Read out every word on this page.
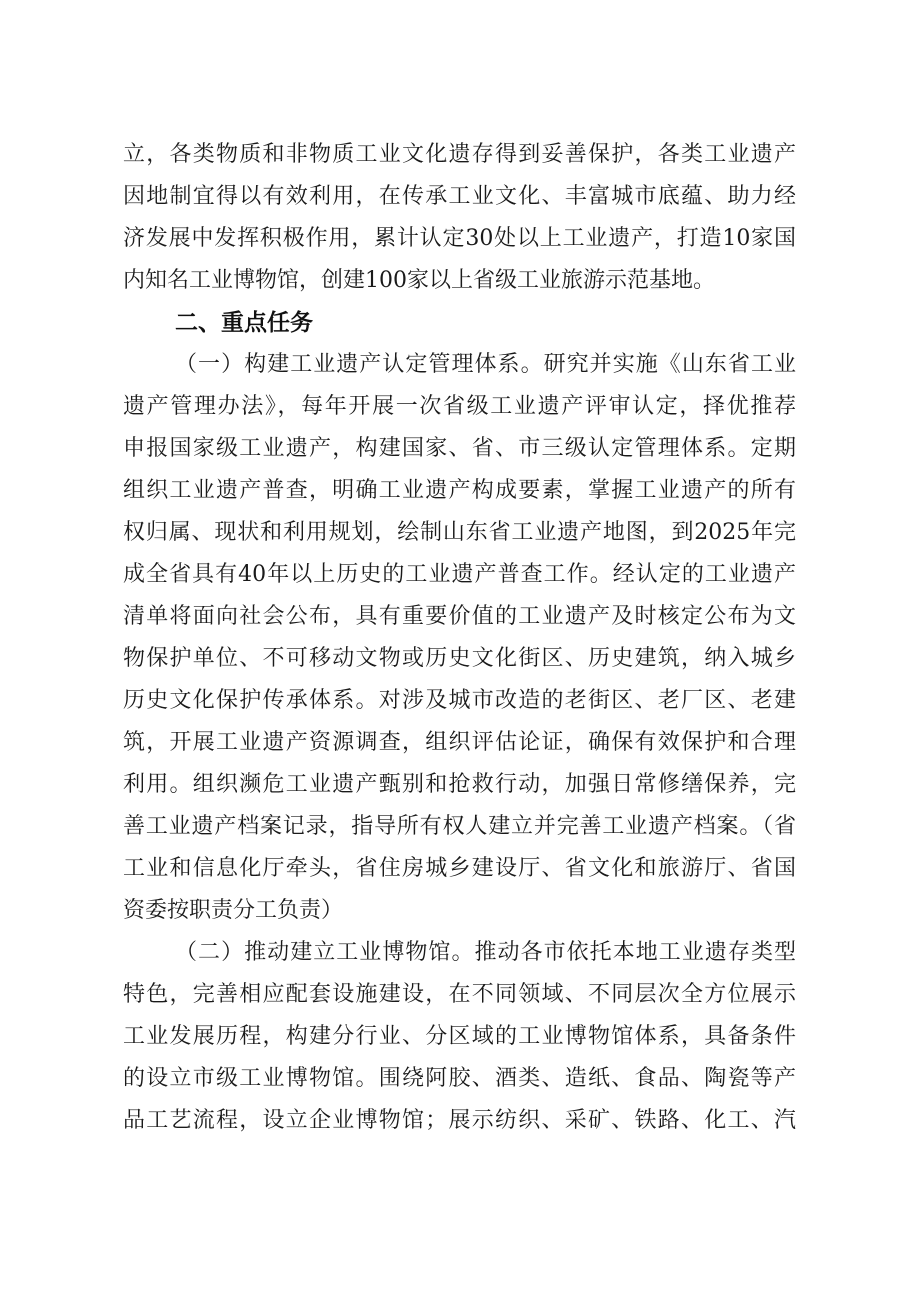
立，各类物质和非物质工业文化遗存得到妥善保护，各类工业遗产
因地制宜得以有效利用，在传承工业文化、丰富城市底蕴、助力经
济发展中发挥积极作用，累计认定30处以上工业遗产，打造10家国
内知名工业博物馆，创建100家以上省级工业旅游示范基地。
二、重点任务
（一）构建工业遗产认定管理体系。研究并实施《山东省工业
遗产管理办法》，每年开展一次省级工业遗产评审认定，择优推荐
申报国家级工业遗产，构建国家、省、市三级认定管理体系。定期
组织工业遗产普查，明确工业遗产构成要素，掌握工业遗产的所有
权归属、现状和利用规划，绘制山东省工业遗产地图，到2025年完
成全省具有40年以上历史的工业遗产普查工作。经认定的工业遗产
清单将面向社会公布，具有重要价值的工业遗产及时核定公布为文
物保护单位、不可移动文物或历史文化街区、历史建筑，纳入城乡
历史文化保护传承体系。对涉及城市改造的老街区、老厂区、老建
筑，开展工业遗产资源调查，组织评估论证，确保有效保护和合理
利用。组织濒危工业遗产甄别和抢救行动，加强日常修缮保养，完
善工业遗产档案记录，指导所有权人建立并完善工业遗产档案。（省
工业和信息化厅牵头，省住房城乡建设厅、省文化和旅游厅、省国
资委按职责分工负责）
（二）推动建立工业博物馆。推动各市依托本地工业遗存类型
特色，完善相应配套设施建设，在不同领域、不同层次全方位展示
工业发展历程，构建分行业、分区域的工业博物馆体系，具备条件
的设立市级工业博物馆。围绕阿胶、酒类、造纸、食品、陶瓷等产
品工艺流程，设立企业博物馆；展示纺织、采矿、铁路、化工、汽
